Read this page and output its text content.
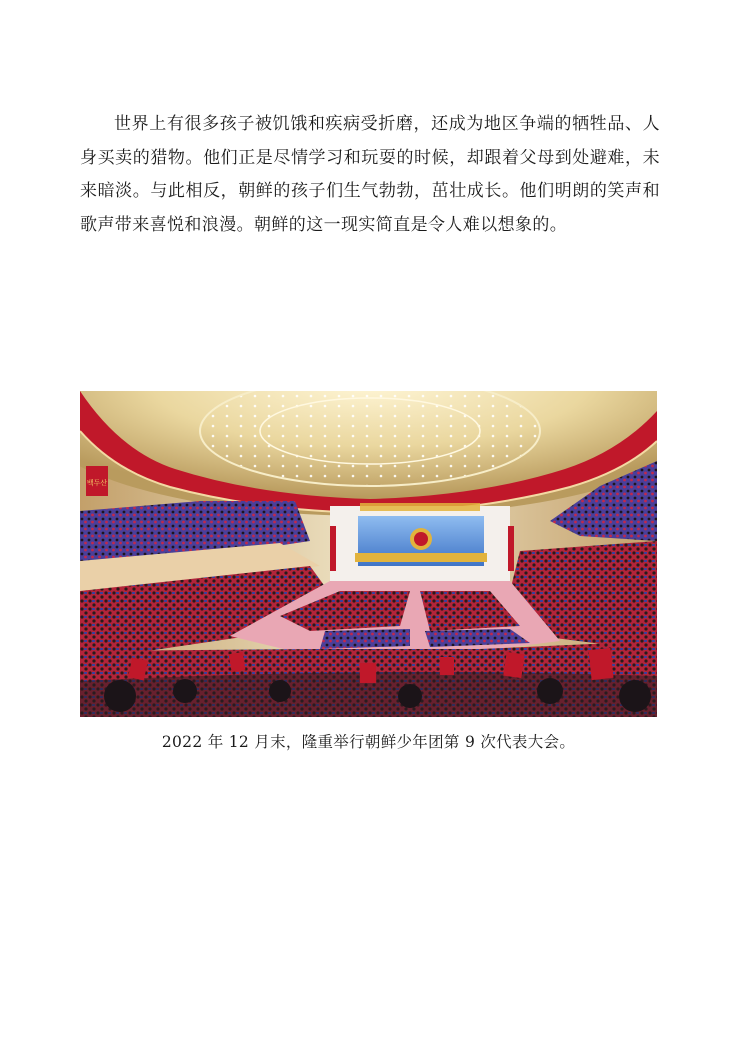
世界上有很多孩子被饥饿和疾病受折磨，还成为地区争端的牺牲品、人身买卖的猎物。他们正是尽情学习和玩耍的时候，却跟着父母到处避难，未来暗淡。与此相反，朝鲜的孩子们生气勃勃，茁壮成长。他们明朗的笑声和歌声带来喜悦和浪漫。朝鲜的这一现实简直是令人难以想象的。

백두산

2022 年 12 月末，隆重举行朝鲜少年团第 9 次代表大会。
